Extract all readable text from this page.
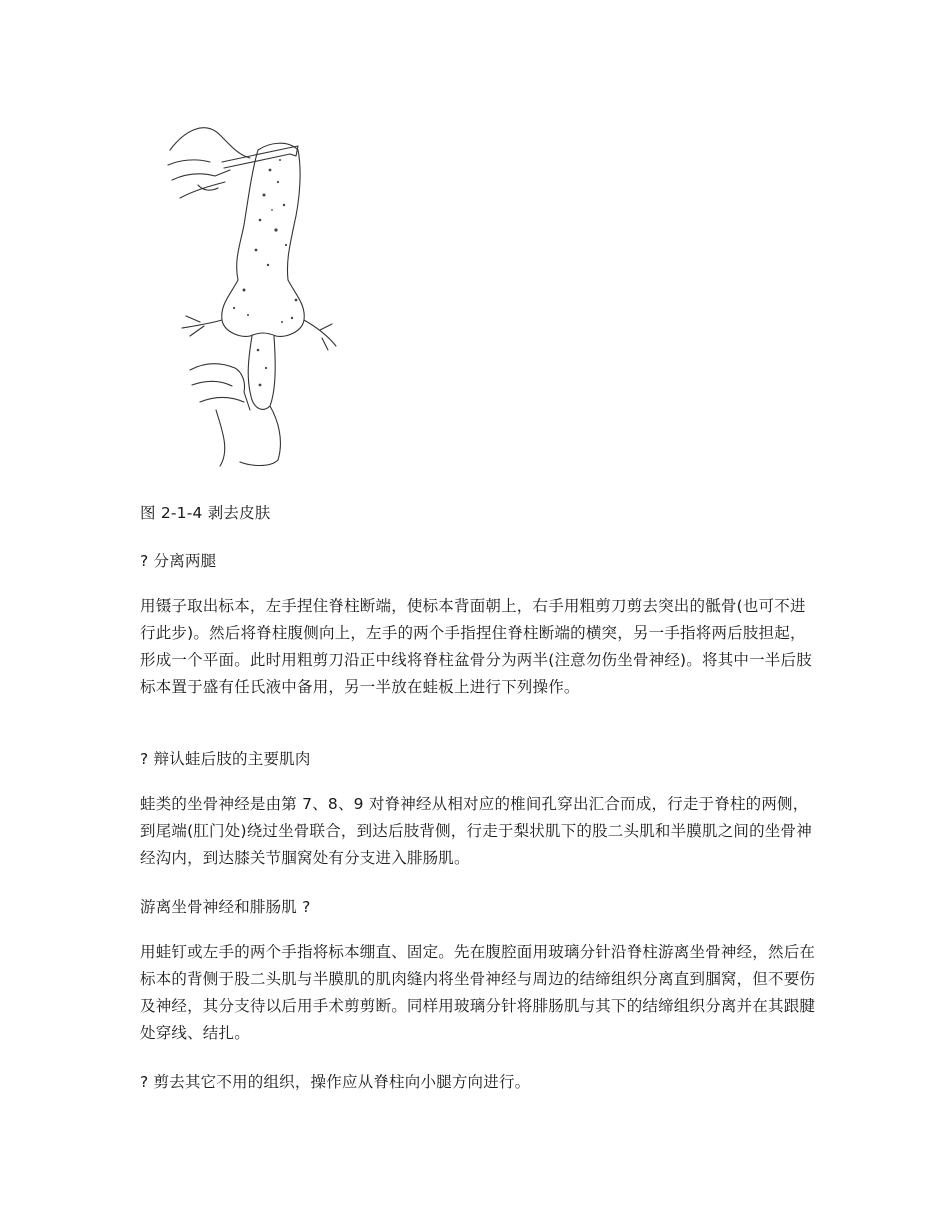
图 2-1-4 剥去皮肤

? 分离两腿

用镊子取出标本，左手捏住脊柱断端，使标本背面朝上，右手用粗剪刀剪去突出的骶骨(也可不进行此步)。然后将脊柱腹侧向上，左手的两个手指捏住脊柱断端的横突，另一手指将两后肢担起，形成一个平面。此时用粗剪刀沿正中线将脊柱盆骨分为两半(注意勿伤坐骨神经)。将其中一半后肢标本置于盛有任氏液中备用，另一半放在蛙板上进行下列操作。

? 辩认蛙后肢的主要肌肉

蛙类的坐骨神经是由第 7、8、9 对脊神经从相对应的椎间孔穿出汇合而成，行走于脊柱的两侧，到尾端(肛门处)绕过坐骨联合，到达后肢背侧，行走于梨状肌下的股二头肌和半膜肌之间的坐骨神经沟内，到达膝关节腘窝处有分支进入腓肠肌。

游离坐骨神经和腓肠肌 ?

用蛙钉或左手的两个手指将标本绷直、固定。先在腹腔面用玻璃分针沿脊柱游离坐骨神经，然后在标本的背侧于股二头肌与半膜肌的肌肉缝内将坐骨神经与周边的结缔组织分离直到腘窝，但不要伤及神经，其分支待以后用手术剪剪断。同样用玻璃分针将腓肠肌与其下的结缔组织分离并在其跟腱处穿线、结扎。

? 剪去其它不用的组织，操作应从脊柱向小腿方向进行。
